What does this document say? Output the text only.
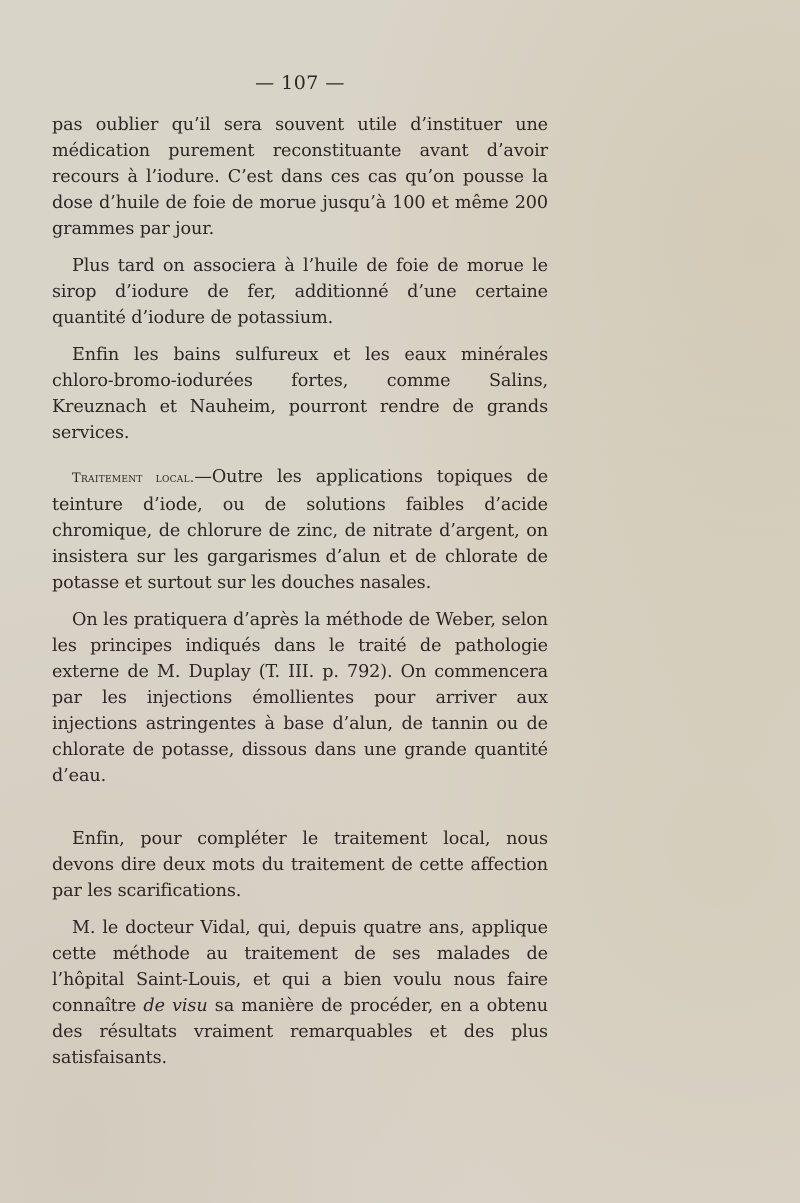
— 107 —

pas oublier qu’il sera souvent utile d’instituer une médication purement reconstituante avant d’avoir recours à l’iodure. C’est dans ces cas qu’on pousse la dose d’huile de foie de morue jusqu’à 100 et même 200 grammes par jour.

Plus tard on associera à l’huile de foie de morue le sirop d’iodure de fer, additionné d’une certaine quantité d’iodure de potassium.

Enfin les bains sulfureux et les eaux minérales chloro-bromo-iodurées fortes, comme Salins, Kreuznach et Nauheim, pourront rendre de grands services.

Traitement local.—Outre les applications topiques de teinture d’iode, ou de solutions faibles d’acide chromique, de chlorure de zinc, de nitrate d’argent, on insistera sur les gargarismes d’alun et de chlorate de potasse et surtout sur les douches nasales.

On les pratiquera d’après la méthode de Weber, selon les principes indiqués dans le traité de pathologie externe de M. Duplay (T. III. p. 792). On commencera par les injections émollientes pour arriver aux injections astringentes à base d’alun, de tannin ou de chlorate de potasse, dissous dans une grande quantité d’eau.

Enfin, pour compléter le traitement local, nous devons dire deux mots du traitement de cette affection par les scarifications.

M. le docteur Vidal, qui, depuis quatre ans, applique cette méthode au traitement de ses malades de l’hôpital Saint-Louis, et qui a bien voulu nous faire connaître de visu sa manière de procéder, en a obtenu des résultats vraiment remarquables et des plus satisfaisants.
